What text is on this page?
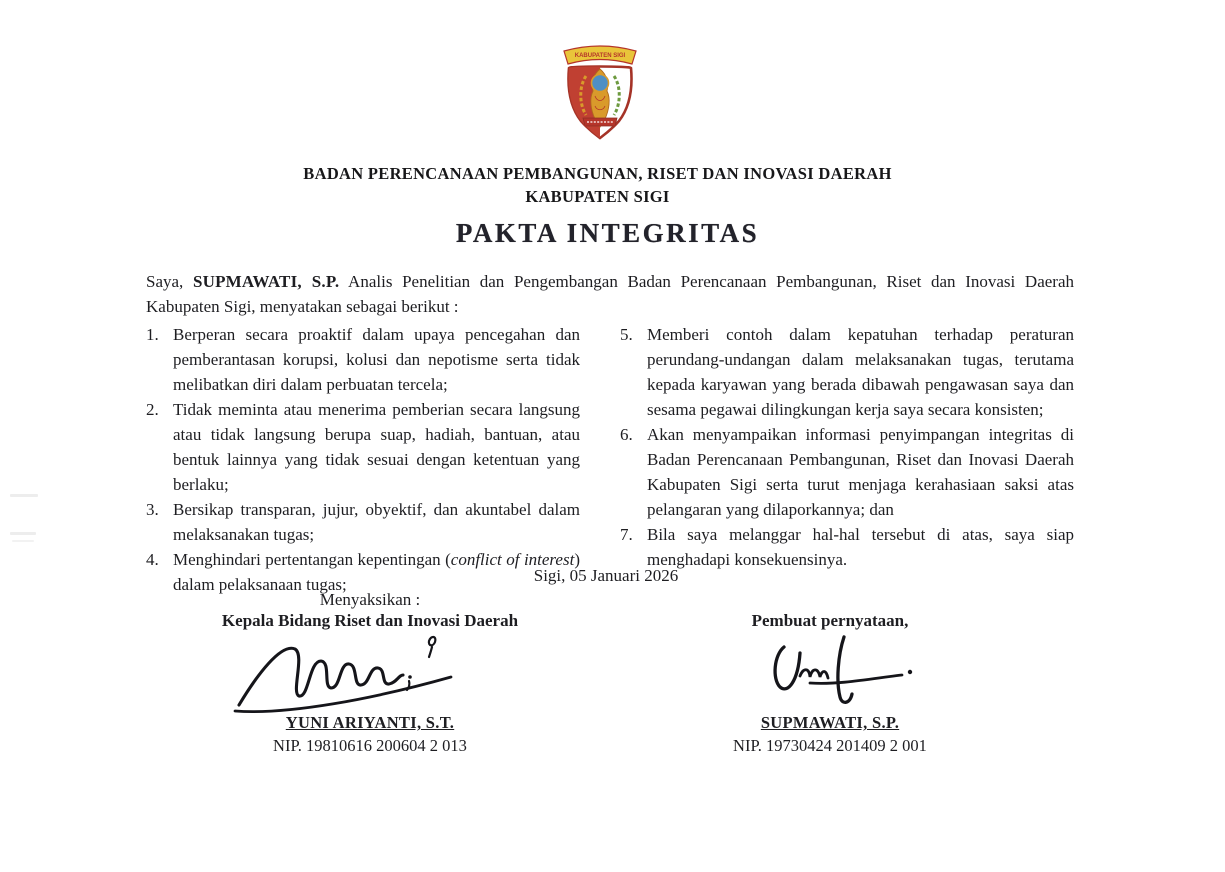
KABUPATEN SIGI
BADAN PERENCANAAN PEMBANGUNAN, RISET DAN INOVASI DAERAH
KABUPATEN SIGI
PAKTA INTEGRITAS
Saya, SUPMAWATI, S.P. Analis Penelitian dan Pengembangan Badan Perencanaan Pembangunan, Riset dan Inovasi Daerah Kabupaten Sigi, menyatakan sebagai berikut :
1. Berperan secara proaktif dalam upaya pencegahan dan pemberantasan korupsi, kolusi dan nepotisme serta tidak melibatkan diri dalam perbuatan tercela;
2. Tidak meminta atau menerima pemberian secara langsung atau tidak langsung berupa suap, hadiah, bantuan, atau bentuk lainnya yang tidak sesuai dengan ketentuan yang berlaku;
3. Bersikap transparan, jujur, obyektif, dan akuntabel dalam melaksanakan tugas;
4. Menghindari pertentangan kepentingan (conflict of interest) dalam pelaksanaan tugas;
5. Memberi contoh dalam kepatuhan terhadap peraturan perundang-undangan dalam melaksanakan tugas, terutama kepada karyawan yang berada dibawah pengawasan saya dan sesama pegawai dilingkungan kerja saya secara konsisten;
6. Akan menyampaikan informasi penyimpangan integritas di Badan Perencanaan Pembangunan, Riset dan Inovasi Daerah Kabupaten Sigi serta turut menjaga kerahasiaan saksi atas pelangaran yang dilaporkannya; dan
7. Bila saya melanggar hal-hal tersebut di atas, saya siap menghadapi konsekuensinya.
Sigi, 05 Januari 2026
Menyaksikan :
Kepala Bidang Riset dan Inovasi Daerah
YUNI ARIYANTI, S.T.
NIP. 19810616 200604 2 013
Pembuat pernyataan,
SUPMAWATI, S.P.
NIP. 19730424 201409 2 001
